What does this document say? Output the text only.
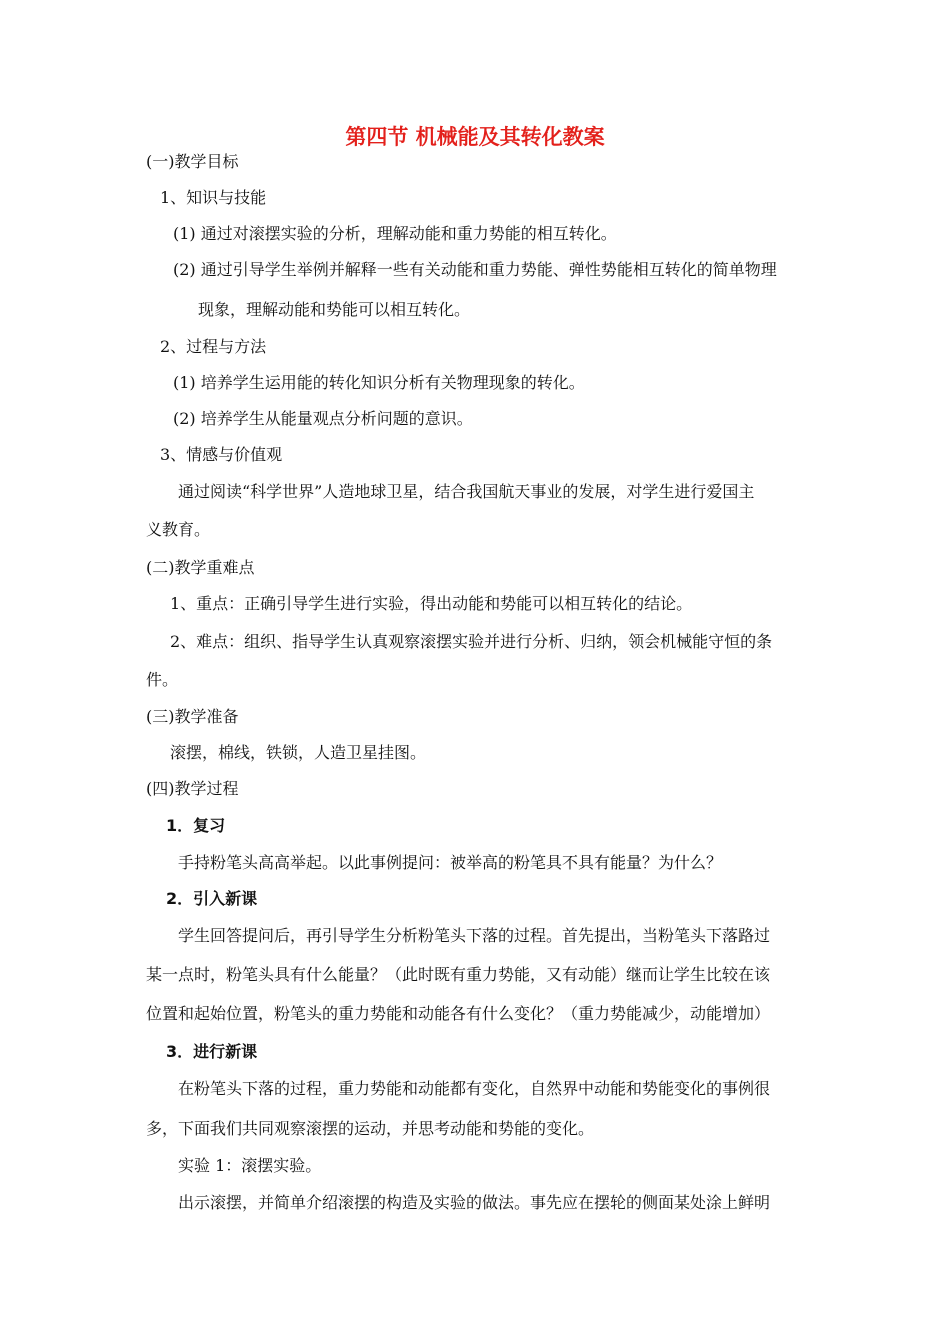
第四节 机械能及其转化教案
(一)教学目标
1、知识与技能
(1) 通过对滚摆实验的分析，理解动能和重力势能的相互转化。
(2) 通过引导学生举例并解释一些有关动能和重力势能、弹性势能相互转化的简单物理
现象，理解动能和势能可以相互转化。
2、过程与方法
(1) 培养学生运用能的转化知识分析有关物理现象的转化。
(2) 培养学生从能量观点分析问题的意识。
3、情感与价值观
通过阅读“科学世界”人造地球卫星，结合我国航天事业的发展，对学生进行爱国主
义教育。
(二)教学重难点
1、重点：正确引导学生进行实验，得出动能和势能可以相互转化的结论。
2、难点：组织、指导学生认真观察滚摆实验并进行分析、归纳，领会机械能守恒的条
件。
(三)教学准备
滚摆，棉线，铁锁，人造卫星挂图。
(四)教学过程
1．复习
手持粉笔头高高举起。以此事例提问：被举高的粉笔具不具有能量？为什么？
2．引入新课
学生回答提问后，再引导学生分析粉笔头下落的过程。首先提出，当粉笔头下落路过
某一点时，粉笔头具有什么能量？（此时既有重力势能，又有动能）继而让学生比较在该
位置和起始位置，粉笔头的重力势能和动能各有什么变化？（重力势能减少，动能增加）
3．进行新课
在粉笔头下落的过程，重力势能和动能都有变化，自然界中动能和势能变化的事例很
多，下面我们共同观察滚摆的运动，并思考动能和势能的变化。
实验 1：滚摆实验。
出示滚摆，并简单介绍滚摆的构造及实验的做法。事先应在摆轮的侧面某处涂上鲜明
